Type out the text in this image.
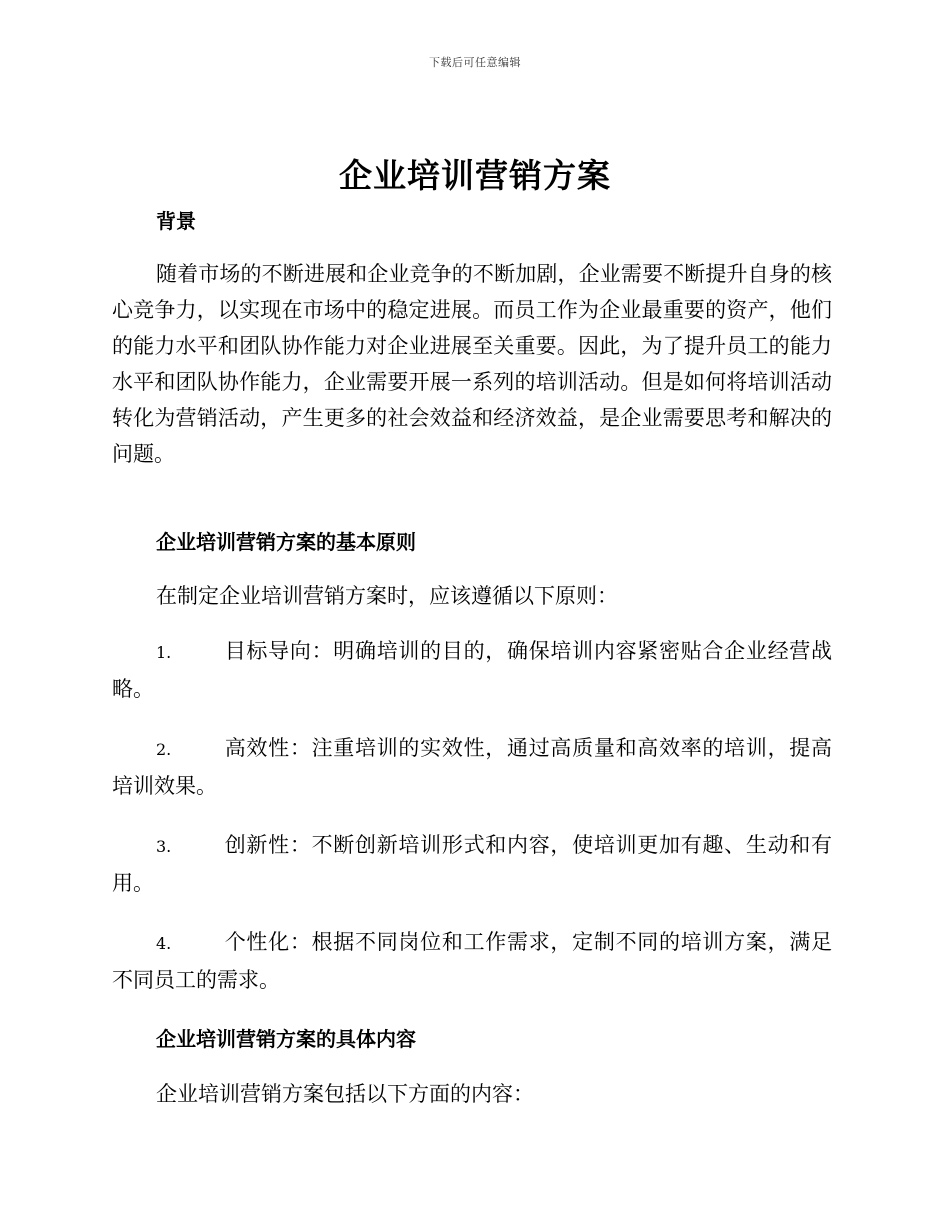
下载后可任意编辑
企业培训营销方案
背景

随着市场的不断进展和企业竞争的不断加剧，企业需要不断提升自身的核心竞争力，以实现在市场中的稳定进展。而员工作为企业最重要的资产，他们的能力水平和团队协作能力对企业进展至关重要。因此，为了提升员工的能力水平和团队协作能力，企业需要开展一系列的培训活动。但是如何将培训活动转化为营销活动，产生更多的社会效益和经济效益，是企业需要思考和解决的问题。

企业培训营销方案的基本原则
在制定企业培训营销方案时，应该遵循以下原则：
1.	目标导向：明确培训的目的，确保培训内容紧密贴合企业经营战略。
2.	高效性：注重培训的实效性，通过高质量和高效率的培训，提高培训效果。
3.	创新性：不断创新培训形式和内容，使培训更加有趣、生动和有用。
4.	个性化：根据不同岗位和工作需求，定制不同的培训方案，满足不同员工的需求。
企业培训营销方案的具体内容
企业培训营销方案包括以下方面的内容：
